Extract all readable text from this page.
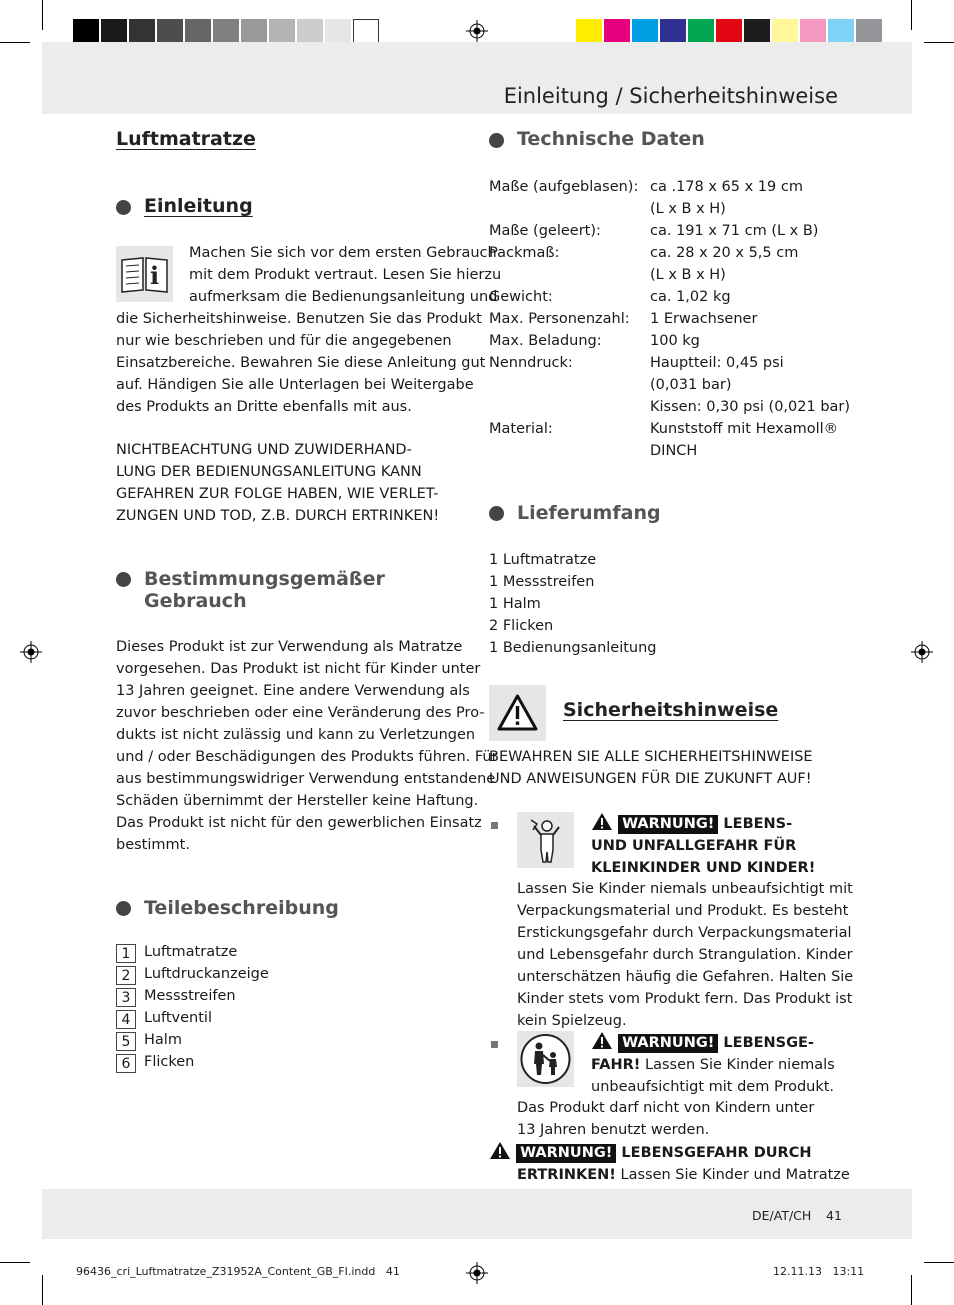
Einleitung / Sicherheitshinweise
Luftmatratze
Einleitung
i
Machen Sie sich vor dem ersten Gebrauch
mit dem Produkt vertraut. Lesen Sie hierzu
aufmerksam die Bedienungsanleitung und
die Sicherheitshinweise. Benutzen Sie das Produkt
nur wie beschrieben und für die angegebenen
Einsatzbereiche. Bewahren Sie diese Anleitung gut
auf. Händigen Sie alle Unterlagen bei Weitergabe
des Produkts an Dritte ebenfalls mit aus.
NICHTBEACHTUNG UND ZUWIDERHAND-
LUNG DER BEDIENUNGSANLEITUNG KANN
GEFAHREN ZUR FOLGE HABEN, WIE VERLET-
ZUNGEN UND TOD, Z.B. DURCH ERTRINKEN!
Bestimmungsgemäßer
Gebrauch
Dieses Produkt ist zur Verwendung als Matratze
vorgesehen. Das Produkt ist nicht für Kinder unter
13 Jahren geeignet. Eine andere Verwendung als
zuvor beschrieben oder eine Veränderung des Pro-
dukts ist nicht zulässig und kann zu Verletzungen
und / oder Beschädigungen des Produkts führen. Für
aus bestimmungswidriger Verwendung entstandene
Schäden übernimmt der Hersteller keine Haftung.
Das Produkt ist nicht für den gewerblichen Einsatz
bestimmt.
Teilebeschreibung
1 Luftmatratze
2 Luftdruckanzeige
3 Messstreifen
4 Luftventil
5 Halm
6 Flicken
Technische Daten
Maße (aufgeblasen): ca .178 x 65 x 19 cm
(L x B x H)
Maße (geleert):	ca. 191 x 71 cm (L x B)
Packmaß:	ca. 28 x 20 x 5,5 cm
(L x B x H)
Gewicht:	ca. 1,02 kg
Max. Personenzahl: 1 Erwachsener
Max. Beladung:	100 kg
Nenndruck:	Hauptteil: 0,45 psi
(0,031 bar)
Kissen: 0,30 psi (0,021 bar)
Material:	Kunststoff mit Hexamoll®
DINCH
Lieferumfang
1 Luftmatratze
1 Messstreifen
1 Halm
2 Flicken
1 Bedienungsanleitung
Sicherheitshinweise
BEWAHREN SIE ALLE SICHERHEITSHINWEISE
UND ANWEISUNGEN FÜR DIE ZUKUNFT AUF!
WARNUNG! LEBENS-
UND UNFALLGEFAHR FÜR
KLEINKINDER UND KINDER!
Lassen Sie Kinder niemals unbeaufsichtigt mit
Verpackungsmaterial und Produkt. Es besteht
Erstickungsgefahr durch Verpackungsmaterial
und Lebensgefahr durch Strangulation. Kinder
unterschätzen häufig die Gefahren. Halten Sie
Kinder stets vom Produkt fern. Das Produkt ist
kein Spielzeug.
WARNUNG! LEBENSGE-
FAHR! Lassen Sie Kinder niemals
unbeaufsichtigt mit dem Produkt.
Das Produkt darf nicht von Kindern unter
13 Jahren benutzt werden.
WARNUNG! LEBENSGEFAHR DURCH
ERTRINKEN! Lassen Sie Kinder und Matratze
DE/AT/CH 41
96436_cri_Luftmatratze_Z31952A_Content_GB_FI.indd   41	12.11.13   13:11
